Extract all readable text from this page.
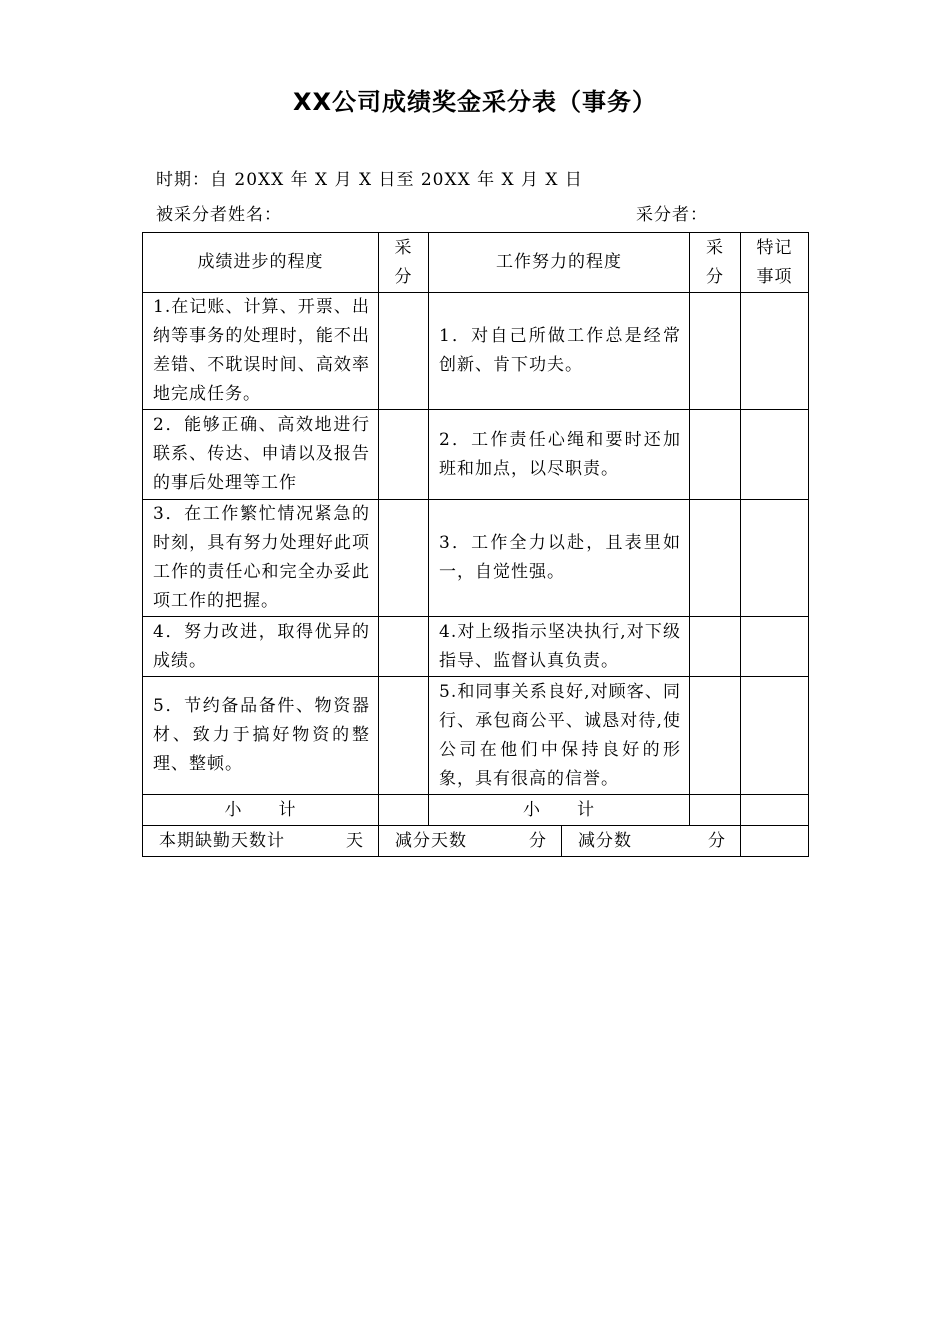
XX公司成绩奖金采分表（事务）
时期：自 20XX 年 X 月 X 日至 20XX 年 X 月 X 日
被采分者姓名：	采分者：
成绩进步的程度	采分	工作努力的程度		采分	特记事项
1.在记账、计算、开票、出纳等事务的处理时，能不出差错、不耽误时间、高效率地完成任务。		1．对自己所做工作总是经常创新、肯下功夫。			
2．能够正确、高效地进行联系、传达、申请以及报告的事后处理等工作		2．工作责任心绳和要时还加班和加点，以尽职责。			
3．在工作繁忙情况紧急的时刻，具有努力处理好此项工作的责任心和完全办妥此项工作的把握。		3．工作全力以赴，且表里如一，自觉性强。			
4．努力改进，取得优异的成绩。		4.对上级指示坚决执行,对下级指导、监督认真负责。			
5．节约备品备件、物资器材、致力于搞好物资的整理、整顿。		5.和同事关系良好,对顾客、同行、承包商公平、诚恳对待,使公司在他们中保持良好的形象，具有很高的信誉。			
小　　计		小　　计			
本期缺勤天数计 天	减分天数 分		减分数 分		
